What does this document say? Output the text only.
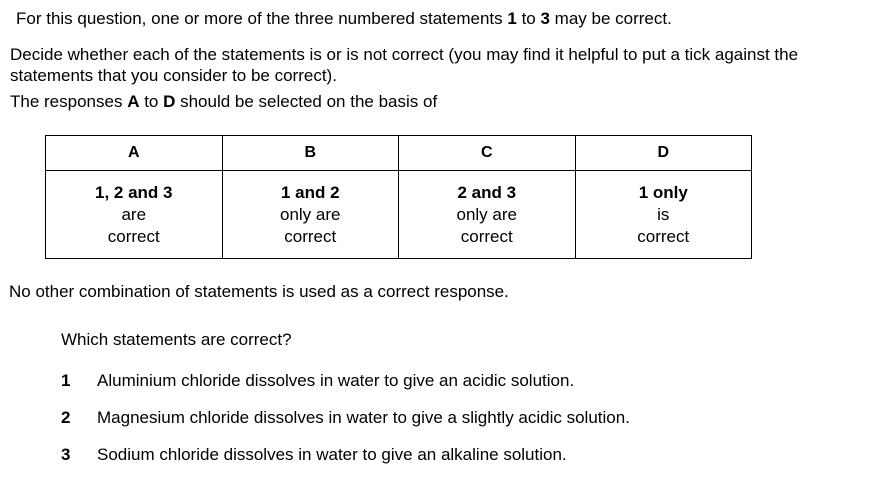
For this question, one or more of the three numbered statements 1 to 3 may be correct.
Decide whether each of the statements is or is not correct (you may find it helpful to put a tick against the statements that you consider to be correct).
The responses A to D should be selected on the basis of
A	B	C	D

1, 2 and 3
are
correct	1 and 2
only are
correct	2 and 3
only are
correct	1 only
is
correct
No other combination of statements is used as a correct response.
Which statements are correct?
1 Aluminium chloride dissolves in water to give an acidic solution.
2 Magnesium chloride dissolves in water to give a slightly acidic solution.
3 Sodium chloride dissolves in water to give an alkaline solution.
